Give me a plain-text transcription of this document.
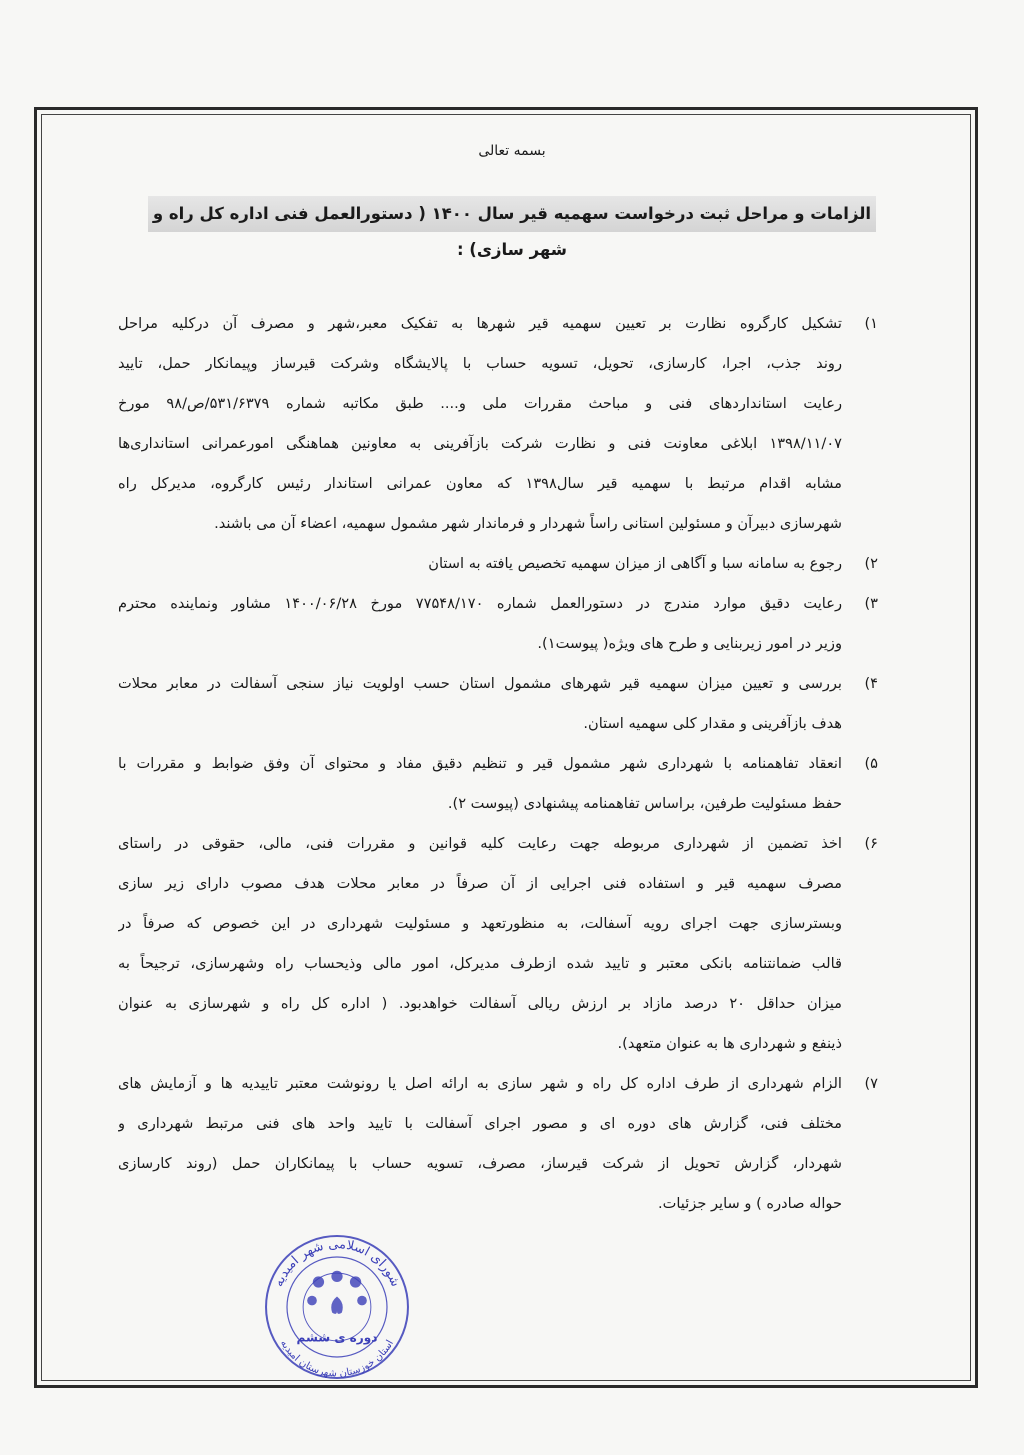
بسمه تعالی
الزامات و مراحل ثبت درخواست سهمیه قیر سال ۱۴۰۰ ( دستورالعمل فنی اداره کل راه و شهر سازی) :
۱)
تشکیل کارگروه نظارت بر تعیین سهمیه قیر شهرها به تفکیک معبر،شهر و مصرف آن درکلیه مراحل
روند جذب، اجرا، کارسازی، تحویل، تسویه حساب با پالایشگاه وشرکت قیرساز وپیمانکار حمل، تایید
رعایت استانداردهای فنی و مباحث مقررات ملی و.... طبق مکاتبه شماره ۵۳۱/۶۳۷۹/ص/۹۸ مورخ
۱۳۹۸/۱۱/۰۷ ابلاغی معاونت فنی و نظارت شرکت بازآفرینی به معاونین هماهنگی امورعمرانی استانداری‌ها
مشابه اقدام مرتبط با سهمیه قیر سال۱۳۹۸ که معاون عمرانی استاندار رئیس کارگروه، مدیرکل راه
شهرسازی دبیرآن و مسئولین استانی راساً شهردار و فرماندار شهر مشمول سهمیه، اعضاء آن می باشند.
۲)
رجوع به سامانه سبا و آگاهی از میزان سهمیه تخصیص یافته به استان
۳)
رعایت دقیق موارد مندرج در دستورالعمل شماره ۷۷۵۴۸/۱۷۰ مورخ ۱۴۰۰/۰۶/۲۸ مشاور ونماینده محترم
وزیر در امور زیربنایی و طرح های ویژه( پیوست۱).
۴)
بررسی و تعیین میزان سهمیه قیر شهرهای مشمول استان حسب اولویت نیاز سنجی آسفالت در معابر محلات
هدف بازآفرینی و مقدار کلی سهمیه استان.
۵)
انعقاد تفاهمنامه با شهرداری شهر مشمول قیر و تنظیم دقیق مفاد و محتوای آن وفق ضوابط و مقررات با
حفظ مسئولیت طرفین، براساس تفاهمنامه پیشنهادی (پیوست ۲).
۶)
اخذ تضمین از شهرداری مربوطه جهت رعایت کلیه قوانین و مقررات فنی، مالی، حقوقی در راستای
مصرف سهمیه قیر و استفاده فنی اجرایی از آن صرفاً در معابر محلات هدف مصوب دارای زیر سازی
وبسترسازی جهت اجرای رویه آسفالت، به منظورتعهد و مسئولیت شهرداری در این خصوص که صرفاً در
قالب ضمانتنامه بانکی معتبر و تایید شده ازطرف مدیرکل، امور مالی وذیحساب راه وشهرسازی، ترجیحاً به
میزان حداقل ۲۰ درصد مازاد بر ارزش ریالی آسفالت خواهدبود. ( اداره کل راه و شهرسازی به عنوان
ذینفع و شهرداری ها به عنوان متعهد).
۷)
الزام شهرداری از طرف اداره کل راه و شهر سازی به ارائه اصل یا رونوشت معتبر تاییدیه ها و آزمایش های
مختلف فنی، گزارش های دوره ای و مصور اجرای آسفالت با تایید واحد های فنی مرتبط شهرداری و
شهردار، گزارش تحویل از شرکت قیرساز، مصرف، تسویه حساب با پیمانکاران حمل (روند کارسازی
حواله صادره ) و سایر جزئیات.
شورای اسلامی شهر امیدیه
دوره ی ششم
استان خوزستان شهرستان امیدیه
